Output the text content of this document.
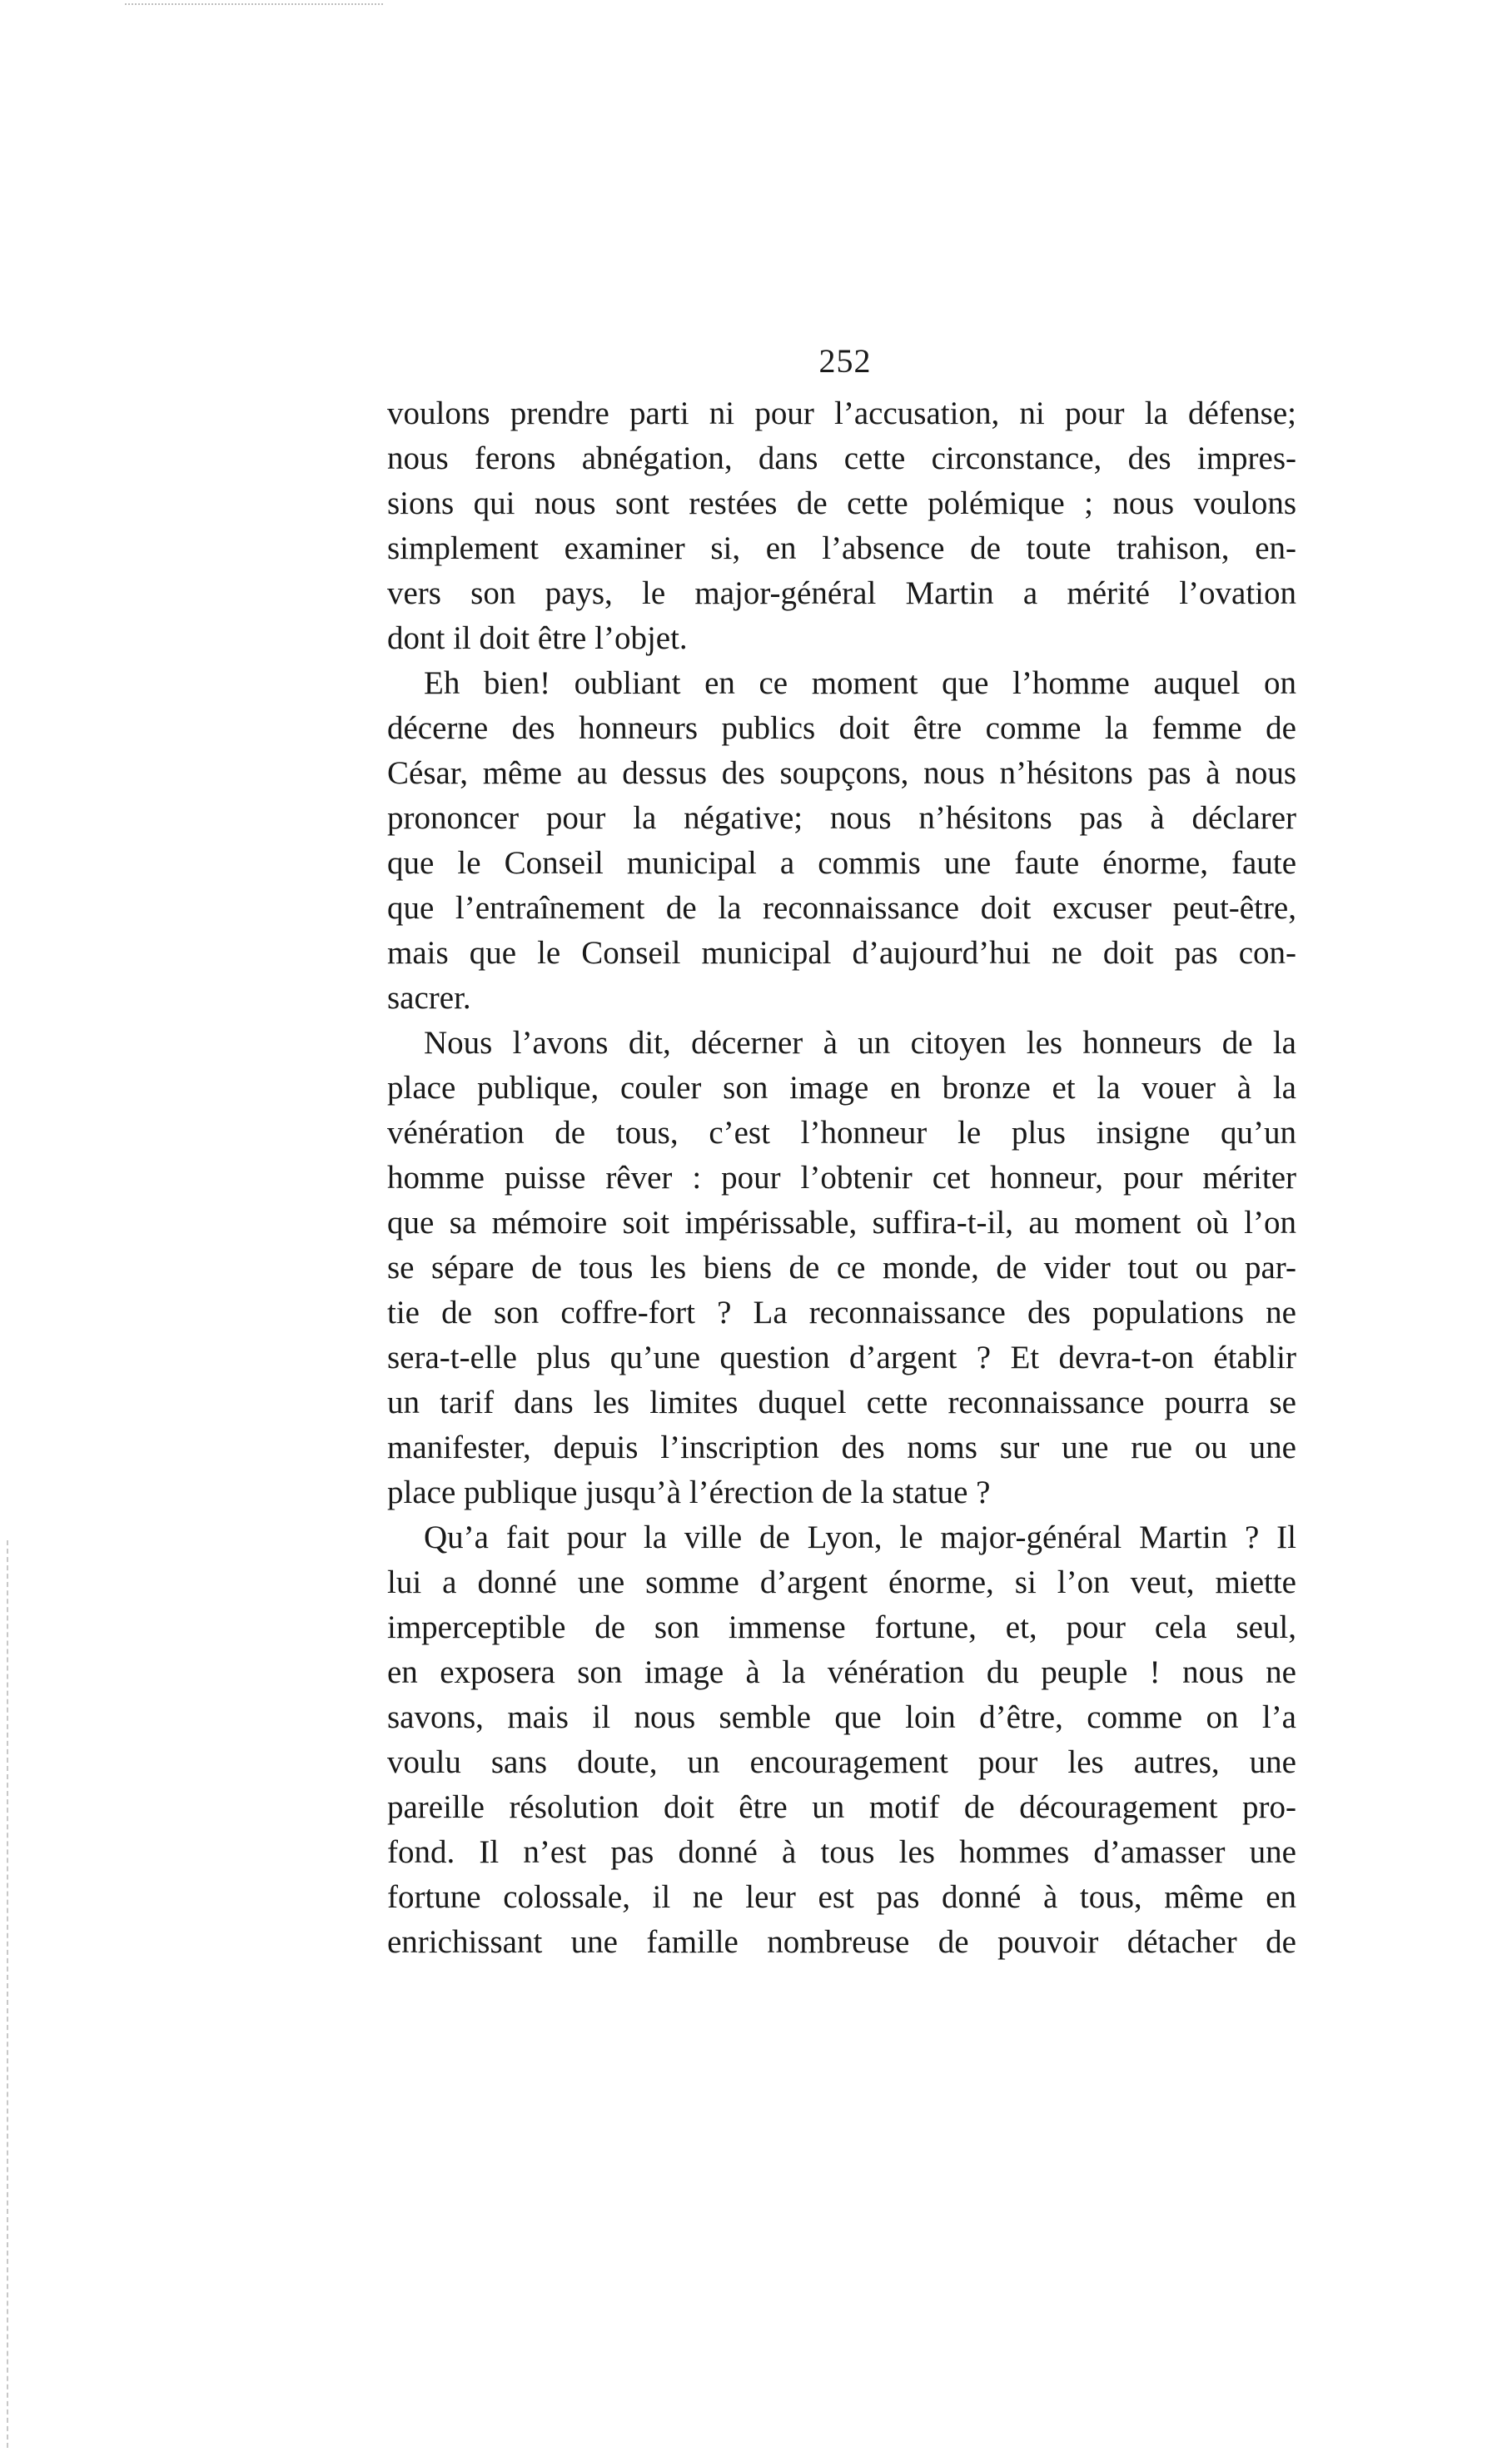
252
voulons prendre parti ni pour l’accusation, ni pour la défense;
nous ferons abnégation, dans cette circonstance, des impres-
sions qui nous sont restées de cette polémique ; nous voulons
simplement examiner si, en l’absence de toute trahison, en-
vers son pays, le major-général Martin a mérité l’ovation
dont il doit être l’objet.
Eh bien! oubliant en ce moment que l’homme auquel on
décerne des honneurs publics doit être comme la femme de
César, même au dessus des soupçons, nous n’hésitons pas à nous
prononcer pour la négative; nous n’hésitons pas à déclarer
que le Conseil municipal a commis une faute énorme, faute
que l’entraînement de la reconnaissance doit excuser peut-être,
mais que le Conseil municipal d’aujourd’hui ne doit pas con-
sacrer.
Nous l’avons dit, décerner à un citoyen les honneurs de la
place publique, couler son image en bronze et la vouer à la
vénération de tous, c’est l’honneur le plus insigne qu’un
homme puisse rêver : pour l’obtenir cet honneur, pour mériter
que sa mémoire soit impérissable, suffira-t-il, au moment où l’on
se sépare de tous les biens de ce monde, de vider tout ou par-
tie de son coffre-fort ? La reconnaissance des populations ne
sera-t-elle plus qu’une question d’argent ? Et devra-t-on établir
un tarif dans les limites duquel cette reconnaissance pourra se
manifester, depuis l’inscription des noms sur une rue ou une
place publique jusqu’à l’érection de la statue ?
Qu’a fait pour la ville de Lyon, le major-général Martin ? Il
lui a donné une somme d’argent énorme, si l’on veut, miette
imperceptible de son immense fortune, et, pour cela seul,
en exposera son image à la vénération du peuple ! nous ne
savons, mais il nous semble que loin d’être, comme on l’a
voulu sans doute, un encouragement pour les autres, une
pareille résolution doit être un motif de découragement pro-
fond. Il n’est pas donné à tous les hommes d’amasser une
fortune colossale, il ne leur est pas donné à tous, même en
enrichissant une famille nombreuse de pouvoir détacher de
